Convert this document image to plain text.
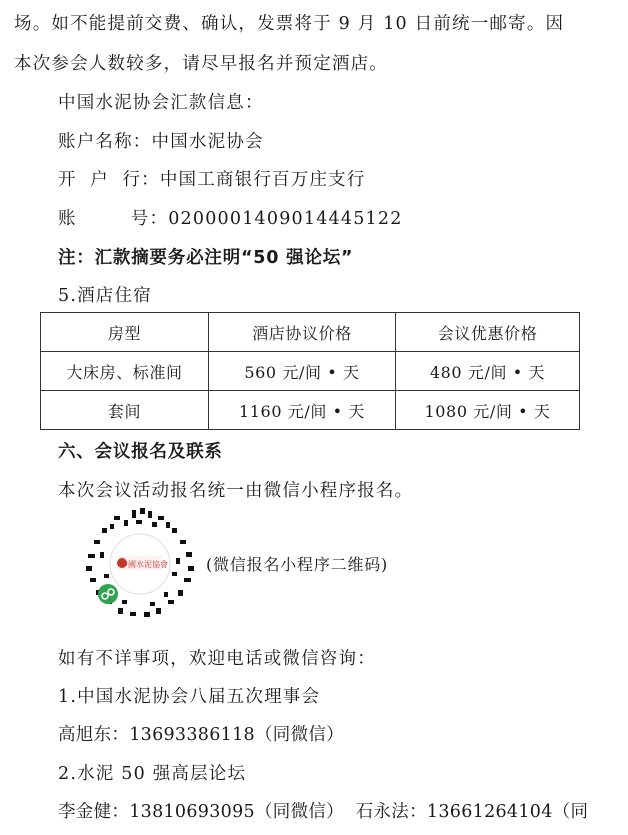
场。如不能提前交费、确认，发票将于 9 月 10 日前统一邮寄。因
本次参会人数较多，请尽早报名并预定酒店。
中国水泥协会汇款信息：
账户名称：中国水泥协会
开  户  行：中国工商银行百万庄支行
账        号：0200001409014445122
注：汇款摘要务必注明“50 强论坛”
5.酒店住宿
房型	酒店协议价格	会议优惠价格
大床房、标准间	560 元/间 • 天	480 元/间 • 天
套间	1160 元/间 • 天	1080 元/间 • 天
六、会议报名及联系
本次会议活动报名统一由微信小程序报名。
中國水泥協會 (微信报名小程序二维码)
如有不详事项，欢迎电话或微信咨询：
1.中国水泥协会八届五次理事会
高旭东：13693386118（同微信）
2.水泥 50 强高层论坛
李金健：13810693095（同微信）  石永法：13661264104（同
